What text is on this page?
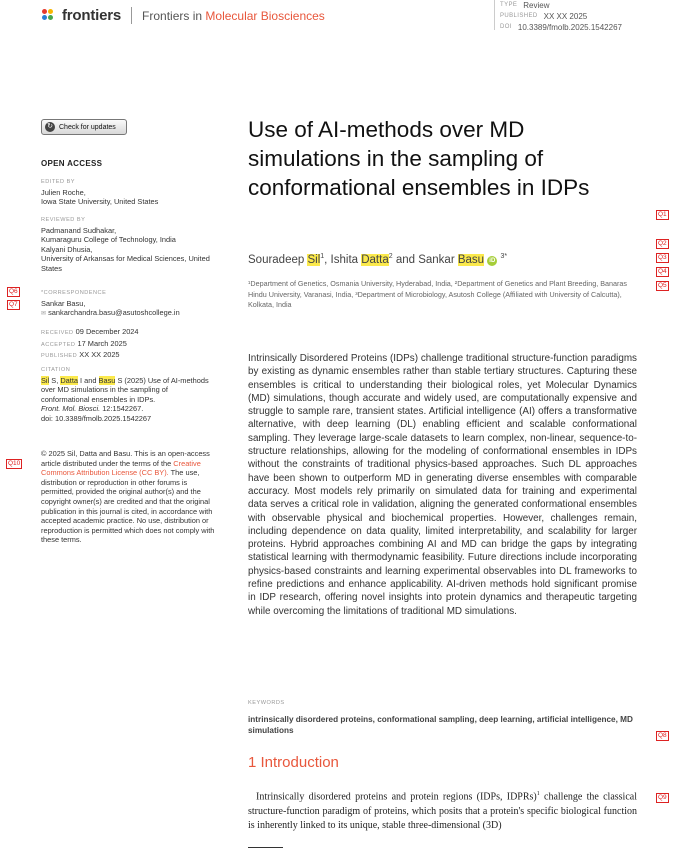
frontiers Frontiers in Molecular Biosciences
TYPE Review
PUBLISHED XX XX 2025
DOI 10.3389/fmolb.2025.1542267
↻ Check for updates
OPEN ACCESS
EDITED BY
Julien Roche,
Iowa State University, United States
REVIEWED BY
Padmanand Sudhakar,
Kumaraguru College of Technology, India
Kalyani Dhusia,
University of Arkansas for Medical Sciences, United States
*CORRESPONDENCE
Sankar Basu,
✉ sankarchandra.basu@asutoshcollege.in
RECEIVED 09 December 2024
ACCEPTED 17 March 2025
PUBLISHED XX XX 2025
CITATION
Sil S, Datta I and Basu S (2025) Use of AI-methods over MD simulations in the sampling of conformational ensembles in IDPs.
Front. Mol. Biosci. 12:1542267.
doi: 10.3389/fmolb.2025.1542267
© 2025 Sil, Datta and Basu. This is an open-access article distributed under the terms of the Creative Commons Attribution License (CC BY). The use, distribution or reproduction in other forums is permitted, provided the original author(s) and the copyright owner(s) are credited and that the original publication in this journal is cited, in accordance with accepted academic practice. No use, distribution or reproduction is permitted which does not comply with these terms.
Q6
Q7
Q10
Q1
Q2
Q3
Q4
Q5
Q8
Q9
Use of AI-methods over MD simulations in the sampling of conformational ensembles in IDPs
Souradeep Sil$^1$, Ishita Datta$^2$ and Sankar Basu iD $^{3*}$
¹Department of Genetics, Osmania University, Hyderabad, India, ²Department of Genetics and Plant Breeding, Banaras Hindu University, Varanasi, India, ³Department of Microbiology, Asutosh College (Affiliated with University of Calcutta), Kolkata, India
Intrinsically Disordered Proteins (IDPs) challenge traditional structure-function paradigms by existing as dynamic ensembles rather than stable tertiary structures. Capturing these ensembles is critical to understanding their biological roles, yet Molecular Dynamics (MD) simulations, though accurate and widely used, are computationally expensive and struggle to sample rare, transient states. Artificial intelligence (AI) offers a transformative alternative, with deep learning (DL) enabling efficient and scalable conformational sampling. They leverage large-scale datasets to learn complex, non-linear, sequence-to-structure relationships, allowing for the modeling of conformational ensembles in IDPs without the constraints of traditional physics-based approaches. Such DL approaches have been shown to outperform MD in generating diverse ensembles with comparable accuracy. Most models rely primarily on simulated data for training and experimental data serves a critical role in validation, aligning the generated conformational ensembles with observable physical and biochemical properties. However, challenges remain, including dependence on data quality, limited interpretability, and scalability for larger proteins. Hybrid approaches combining AI and MD can bridge the gaps by integrating statistical learning with thermodynamic feasibility. Future directions include incorporating physics-based constraints and learning experimental observables into DL frameworks to refine predictions and enhance applicability. AI-driven methods hold significant promise in IDP research, offering novel insights into protein dynamics and therapeutic targeting while overcoming the limitations of traditional MD simulations.
KEYWORDS
intrinsically disordered proteins, conformational sampling, deep learning, artificial intelligence, MD simulations
1 Introduction
Intrinsically disordered proteins and protein regions (IDPs, IDPRs)$^1$ challenge the classical structure-function paradigm of proteins, which posits that a protein's specific biological function is inherently linked to its unique, stable three-dimensional (3D)
